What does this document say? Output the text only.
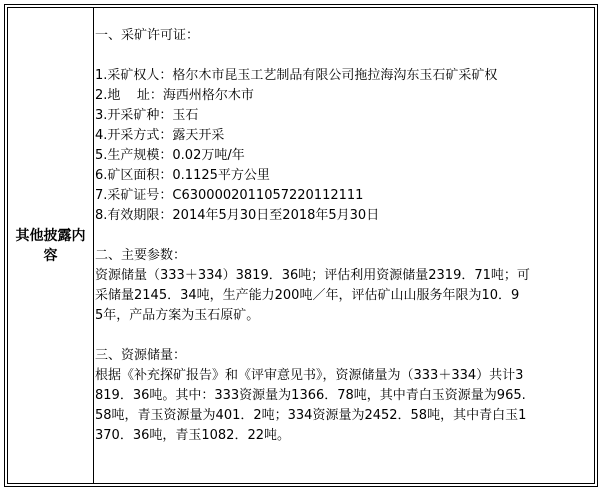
其他披露内容
一、采矿许可证：
1.采矿权人：格尔木市昆玉工艺制品有限公司拖拉海沟东玉石矿采矿权
2.地    址：海西州格尔木市
3.开采矿种：玉石
4.开采方式：露天开采
5.生产规模：0.02万吨/年
6.矿区面积：0.1125平方公里
7.采矿证号：C6300002011057220112111
8.有效期限：2014年5月30日至2018年5月30日
二、主要参数：
资源储量（333＋334）3819．36吨；评估利用资源储量2319．71吨；可
采储量2145．34吨，生产能力200吨／年，评估矿山山服务年限为10．9
5年，产品方案为玉石原矿。
三、资源储量：
根据《补充探矿报告》和《评审意见书》，资源储量为（333＋334）共计3
819．36吨。其中：333资源量为1366．78吨，其中青白玉资源量为965.
58吨，青玉资源量为401．2吨；334资源量为2452．58吨，其中青白玉1
370．36吨，青玉1082．22吨。
